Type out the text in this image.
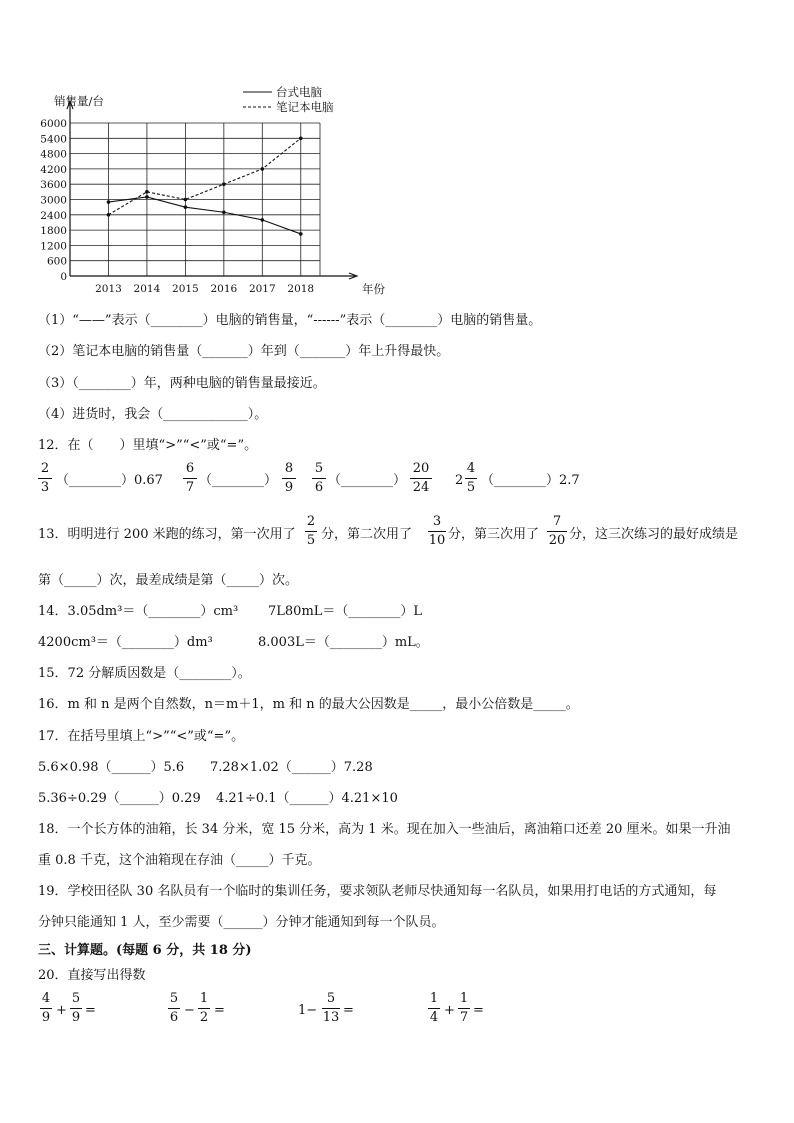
销售量/台
年份
0
600
1200
1800
2400
3000
3600
4200
4800
5400
6000
2013 2014 2015 2016 2017 2018
台式电脑
笔记本电脑
（1）“——”表示（________）电脑的销售量，“------”表示（________）电脑的销售量。
（2）笔记本电脑的销售量（_______）年到（_______）年上升得最快。
（3）（________）年，两种电脑的销售量最接近。
（4）进货时，我会（_____________）。
12．在（　　）里填“>”“<”或“=”。
2
3 （________）0.67
6
7 （________）
8
9
5
6 （________）
20
24 2
4
5 （________）2.7
13．明明进行 200 米跑的练习，第一次用了
2
5 分，第二次用了
3
10 分，第三次用了
7
20 分，这三次练习的最好成绩是
第（_____）次，最差成绩是第（_____）次。
14．3.05dm³＝（________）cm³ 7L80mL＝（________）L
4200cm³＝（________）dm³	8.003L＝（________）mL。
15．72 分解质因数是（________）。
16．m 和 n 是两个自然数，n＝m＋1，m 和 n 的最大公因数是_____，最小公倍数是_____。
17．在括号里填上“>”“<”或“=”。
5.6×0.98（______）5.6 7.28×1.02（______）7.28
5.36÷0.29（______）0.29 4.21÷0.1（______）4.21×10
18．一个长方体的油箱，长 34 分米，宽 15 分米，高为 1 米。现在加入一些油后，离油箱口还差 20 厘米。如果一升油
重 0.8 千克，这个油箱现在存油（_____）千克。
19．学校田径队 30 名队员有一个临时的集训任务，要求领队老师尽快通知每一名队员，如果用打电话的方式通知，每
分钟只能通知 1 人，至少需要（______）分钟才能通知到每一个队员。
三、计算题。(每题 6 分，共 18 分)
20．直接写出得数
4
9 +
5
9 =
5
6 −
1
2 =	1−
5
13 =
1
4 +
1
7 =
